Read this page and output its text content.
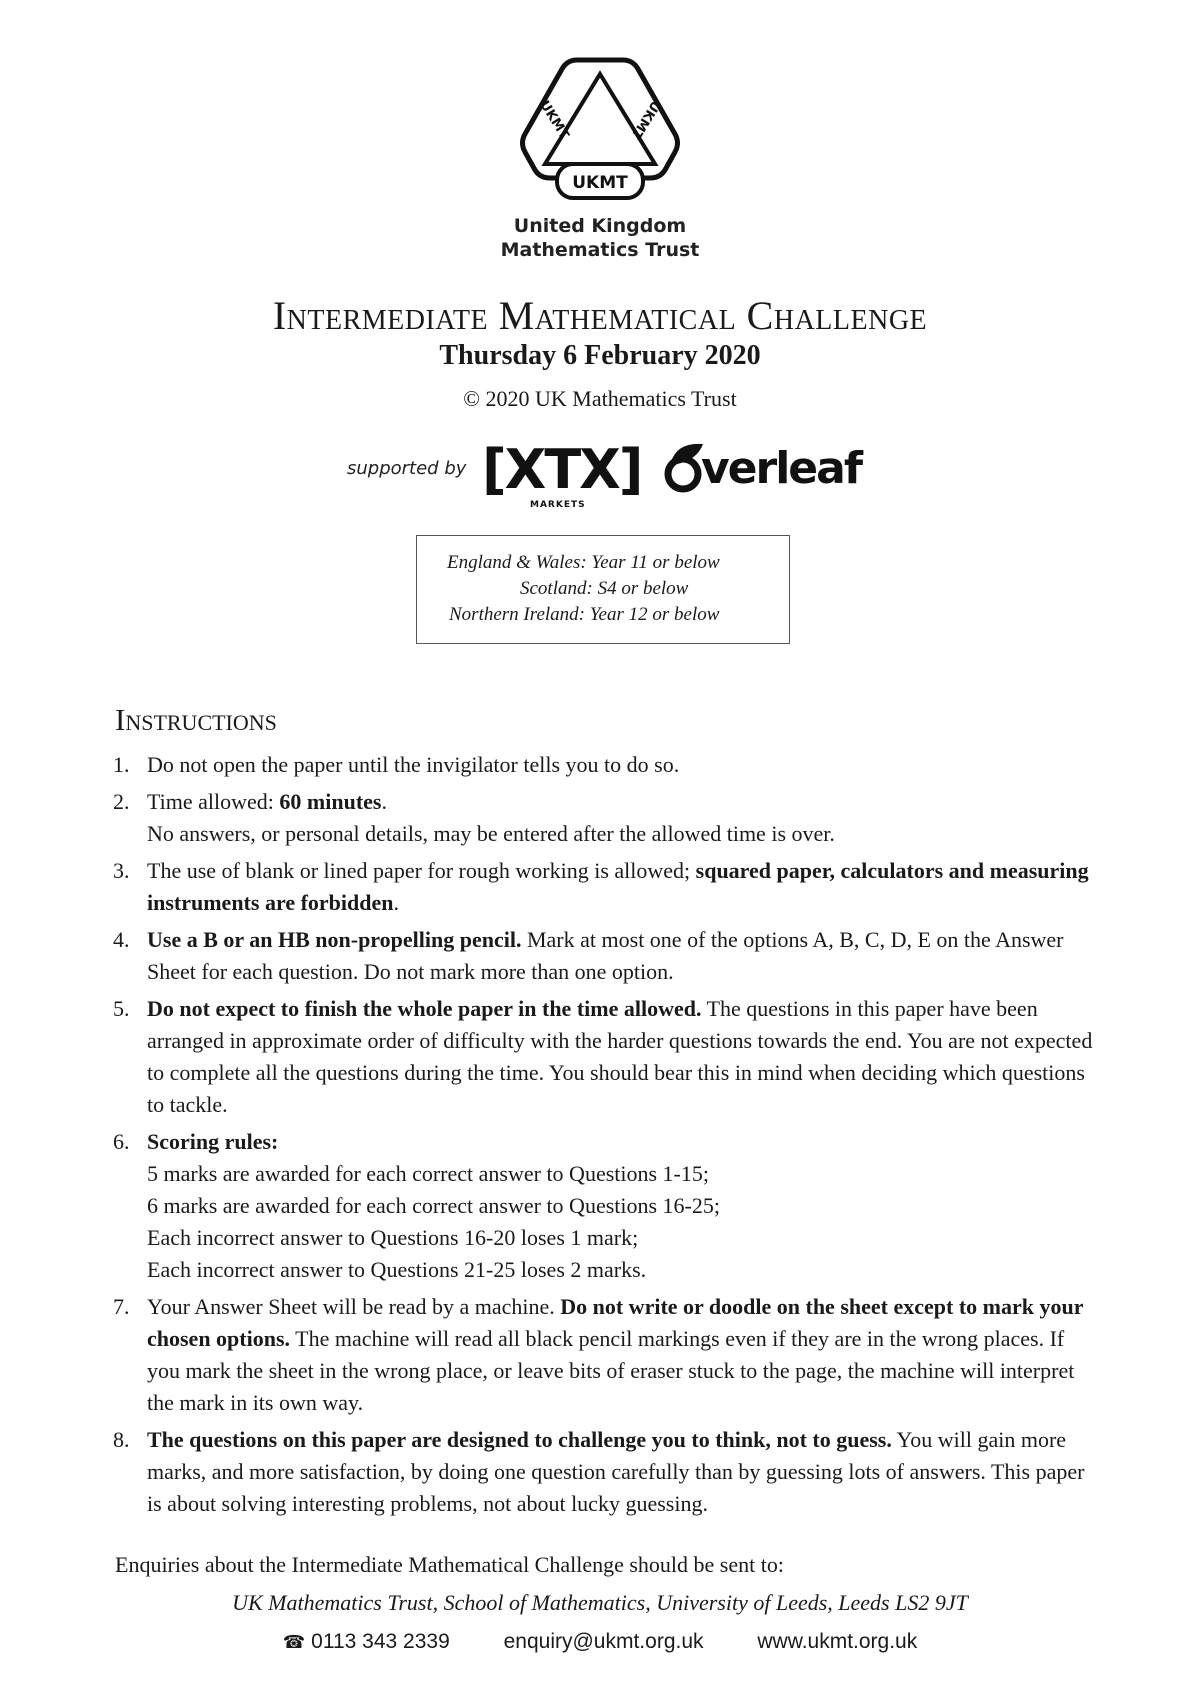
UKMT
UKMT	UKMT
United Kingdom
Mathematics Trust
Intermediate Mathematical Challenge
Thursday 6 February 2020
© 2020 UK Mathematics Trust
supported by [XTX]
MARKETS
verleaf
England & Wales: Year 11 or below
Scotland: S4 or below
Northern Ireland: Year 12 or below
Instructions
1. Do not open the paper until the invigilator tells you to do so.
2. Time allowed: 60 minutes.
No answers, or personal details, may be entered after the allowed time is over.
3. The use of blank or lined paper for rough working is allowed; squared paper, calculators and measuring instruments are forbidden.
4. Use a B or an HB non-propelling pencil. Mark at most one of the options A, B, C, D, E on the Answer Sheet for each question. Do not mark more than one option.
5. Do not expect to finish the whole paper in the time allowed. The questions in this paper have been arranged in approximate order of difficulty with the harder questions towards the end. You are not expected to complete all the questions during the time. You should bear this in mind when deciding which questions to tackle.
6. Scoring rules:
5 marks are awarded for each correct answer to Questions 1-15;
6 marks are awarded for each correct answer to Questions 16-25;
Each incorrect answer to Questions 16-20 loses 1 mark;
Each incorrect answer to Questions 21-25 loses 2 marks.
7. Your Answer Sheet will be read by a machine. Do not write or doodle on the sheet except to mark your chosen options. The machine will read all black pencil markings even if they are in the wrong places. If you mark the sheet in the wrong place, or leave bits of eraser stuck to the page, the machine will interpret the mark in its own way.
8. The questions on this paper are designed to challenge you to think, not to guess. You will gain more marks, and more satisfaction, by doing one question carefully than by guessing lots of answers. This paper is about solving interesting problems, not about lucky guessing.
Enquiries about the Intermediate Mathematical Challenge should be sent to:
UK Mathematics Trust, School of Mathematics, University of Leeds, Leeds LS2 9JT
☎ 0113 343 2339	enquiry@ukmt.org.uk	www.ukmt.org.uk
